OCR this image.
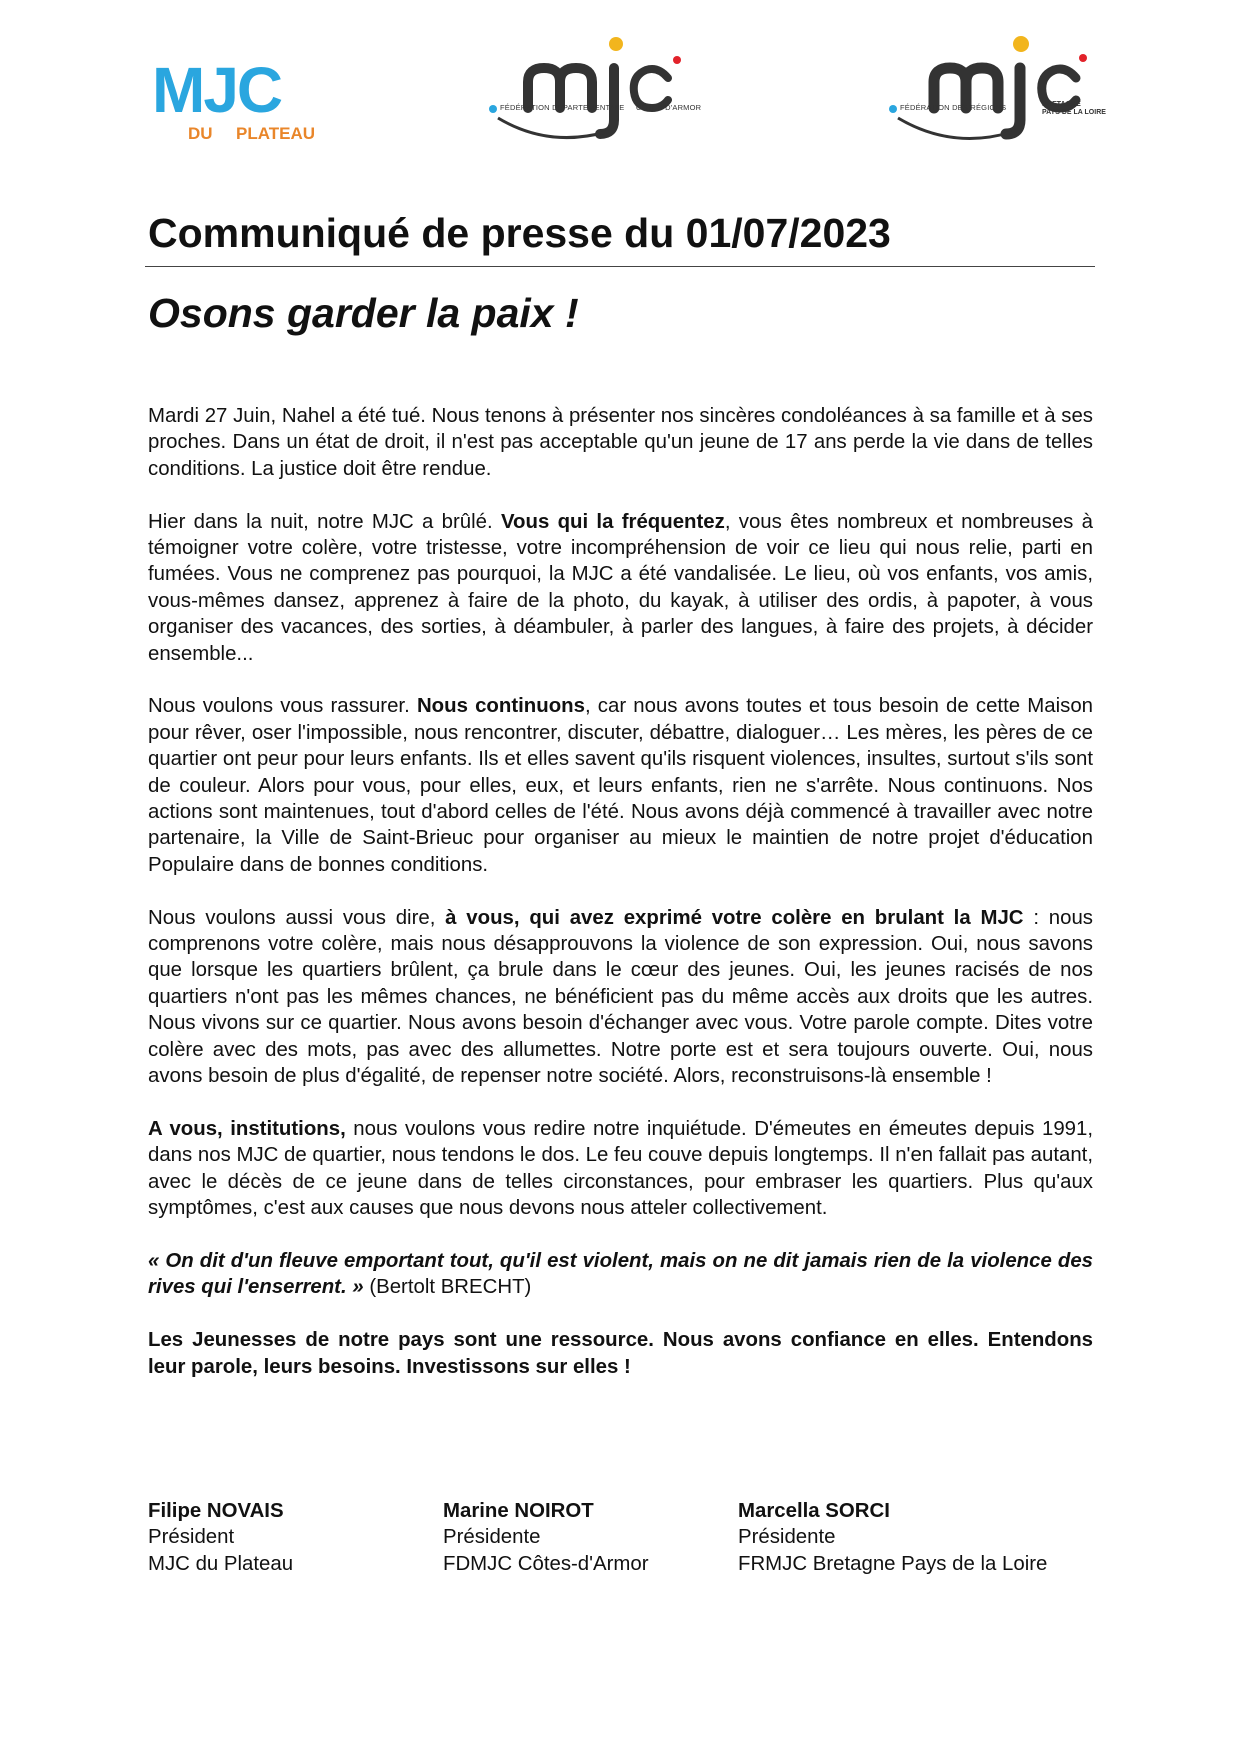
MJC
DU PLATEAU
FÉDÉRATION DÉPARTEMENTALE CÔTES D'ARMOR	FÉDÉRATION DES RÉGIONS	BRETAGNE
PAYS DE LA LOIRE
Communiqué de presse du 01/07/2023
Osons garder la paix !

Mardi 27 Juin, Nahel a été tué. Nous tenons à présenter nos sincères condoléances à sa famille et à ses proches. Dans un état de droit, il n'est pas acceptable qu'un jeune de 17 ans perde la vie dans de telles conditions. La justice doit être rendue.

Hier dans la nuit, notre MJC a brûlé. Vous qui la fréquentez, vous êtes nombreux et nombreuses à témoigner votre colère, votre tristesse, votre incompréhension de voir ce lieu qui nous relie, parti en fumées. Vous ne comprenez pas pourquoi, la MJC a été vandalisée. Le lieu, où vos enfants, vos amis, vous-mêmes dansez, apprenez à faire de la photo, du kayak, à utiliser des ordis, à papoter, à vous organiser des vacances, des sorties, à déambuler, à parler des langues, à faire des projets, à décider ensemble...

Nous voulons vous rassurer. Nous continuons, car nous avons toutes et tous besoin de cette Maison pour rêver, oser l'impossible, nous rencontrer, discuter, débattre, dialoguer… Les mères, les pères de ce quartier ont peur pour leurs enfants. Ils et elles savent qu'ils risquent violences, insultes, surtout s'ils sont de couleur. Alors pour vous, pour elles, eux, et leurs enfants, rien ne s'arrête. Nous continuons. Nos actions sont maintenues, tout d'abord celles de l'été. Nous avons déjà commencé à travailler avec notre partenaire, la Ville de Saint-Brieuc pour organiser au mieux le maintien de notre projet d'éducation Populaire dans de bonnes conditions.

Nous voulons aussi vous dire, à vous, qui avez exprimé votre colère en brulant la MJC : nous comprenons votre colère, mais nous désapprouvons la violence de son expression. Oui, nous savons que lorsque les quartiers brûlent, ça brule dans le cœur des jeunes. Oui, les jeunes racisés de nos quartiers n'ont pas les mêmes chances, ne bénéficient pas du même accès aux droits que les autres. Nous vivons sur ce quartier. Nous avons besoin d'échanger avec vous. Votre parole compte. Dites votre colère avec des mots, pas avec des allumettes. Notre porte est et sera toujours ouverte. Oui, nous avons besoin de plus d'égalité, de repenser notre société. Alors, reconstruisons-là ensemble !

A vous, institutions, nous voulons vous redire notre inquiétude. D'émeutes en émeutes depuis 1991, dans nos MJC de quartier, nous tendons le dos. Le feu couve depuis longtemps. Il n'en fallait pas autant, avec le décès de ce jeune dans de telles circonstances, pour embraser les quartiers. Plus qu'aux symptômes, c'est aux causes que nous devons nous atteler collectivement.

« On dit d'un fleuve emportant tout, qu'il est violent, mais on ne dit jamais rien de la violence des rives qui l'enserrent. » (Bertolt BRECHT)

Les Jeunesses de notre pays sont une ressource. Nous avons confiance en elles. Entendons leur parole, leurs besoins. Investissons sur elles !

Filipe NOVAIS
Président
MJC du Plateau
Marine NOIROT
Présidente
FDMJC Côtes-d'Armor
Marcella SORCI
Présidente
FRMJC Bretagne Pays de la Loire
